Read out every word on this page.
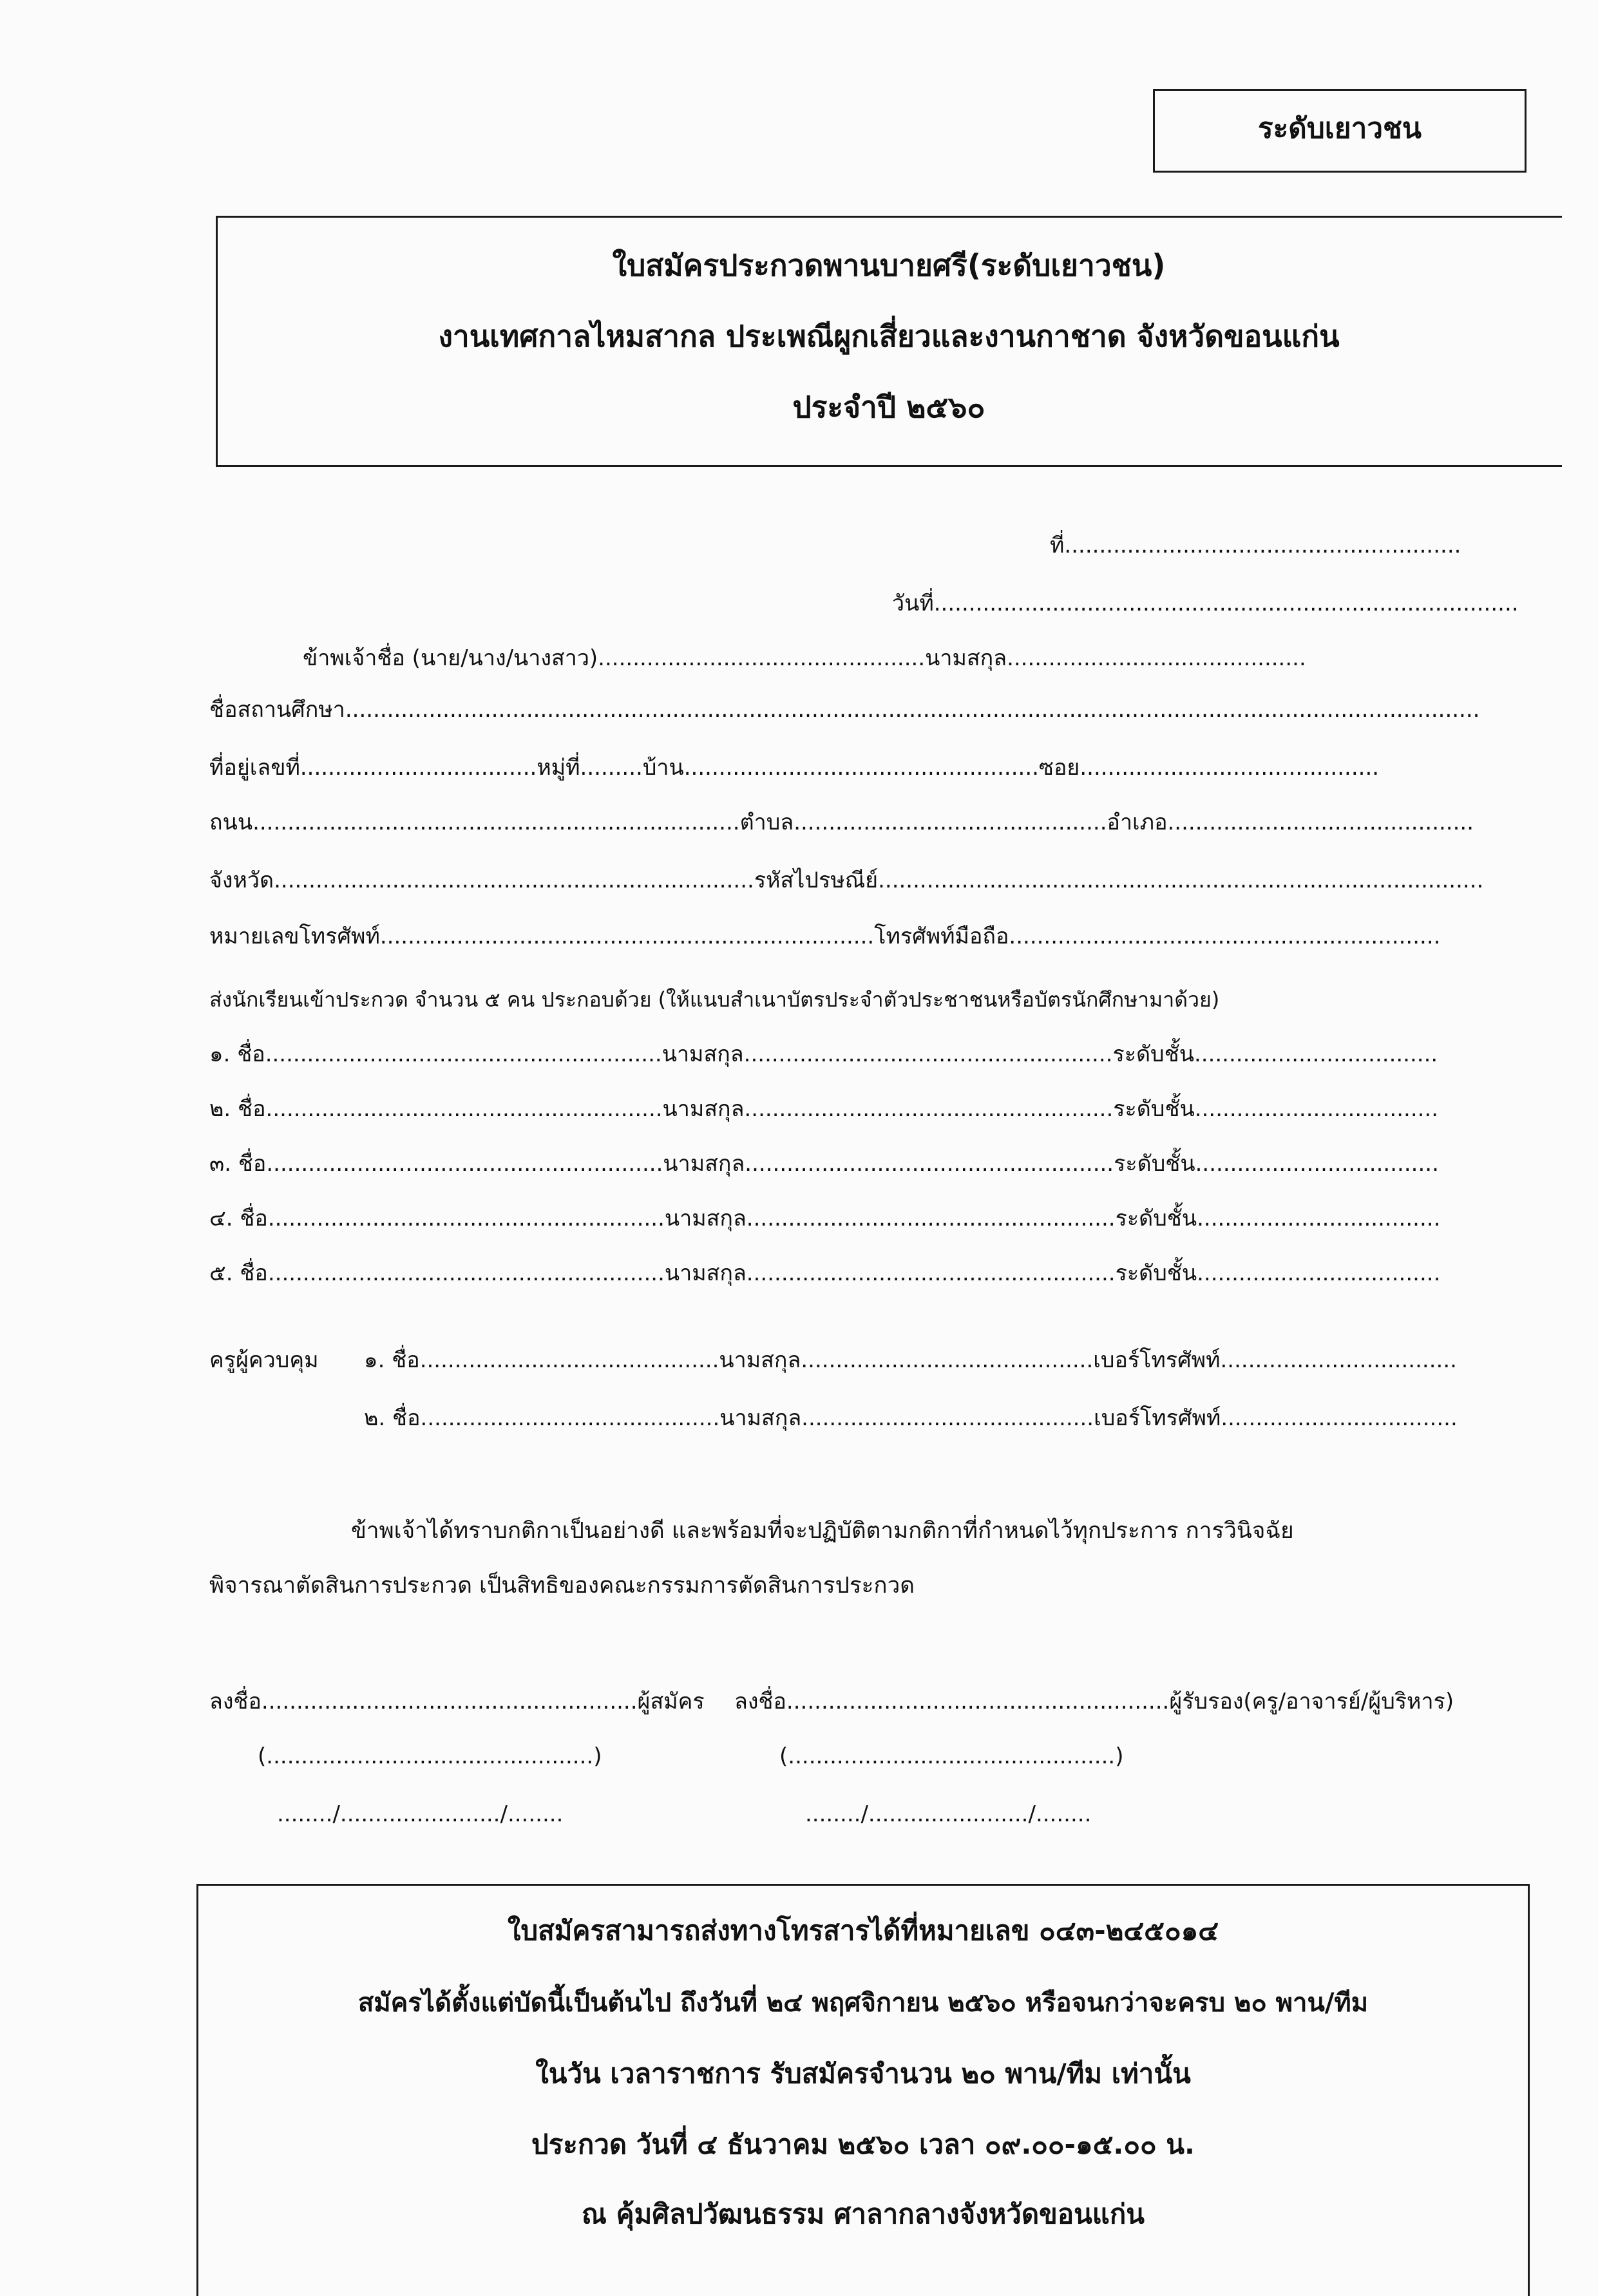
ระดับเยาวชน
ใบสมัครประกวดพานบายศรี(ระดับเยาวชน)
งานเทศกาลไหมสากล ประเพณีผูกเสี่ยวและงานกาชาด จังหวัดขอนแก่น
ประจำปี ๒๕๖๐
ที่.........................................................
วันที่....................................................................................
ข้าพเจ้าชื่อ (นาย/นาง/นางสาว)...............................................นามสกุล...........................................
ชื่อสถานศึกษา...................................................................................................................................................................
ที่อยู่เลขที่..................................หมู่ที่.........บ้าน...................................................ซอย...........................................
ถนน......................................................................ตำบล.............................................อำเภอ............................................
จังหวัด.....................................................................รหัสไปรษณีย์.......................................................................................
หมายเลขโทรศัพท์.......................................................................โทรศัพท์มือถือ..............................................................
ส่งนักเรียนเข้าประกวด จำนวน ๕ คน ประกอบด้วย (ให้แนบสำเนาบัตรประจำตัวประชาชนหรือบัตรนักศึกษามาด้วย)
๑. ชื่อ.........................................................นามสกุล.....................................................ระดับชั้น...................................
๒. ชื่อ.........................................................นามสกุล.....................................................ระดับชั้น...................................
๓. ชื่อ.........................................................นามสกุล.....................................................ระดับชั้น...................................
๔. ชื่อ.........................................................นามสกุล.....................................................ระดับชั้น...................................
๕. ชื่อ.........................................................นามสกุล.....................................................ระดับชั้น...................................
ครูผู้ควบคุม ๑. ชื่อ...........................................นามสกุล..........................................เบอร์โทรศัพท์..................................
๒. ชื่อ...........................................นามสกุล..........................................เบอร์โทรศัพท์..................................
ข้าพเจ้าได้ทราบกติกาเป็นอย่างดี และพร้อมที่จะปฏิบัติตามกติกาที่กำหนดไว้ทุกประการ การวินิจฉัย
พิจารณาตัดสินการประกวด เป็นสิทธิของคณะกรรมการตัดสินการประกวด
ลงชื่อ......................................................ผู้สมัคร ลงชื่อ.......................................................ผู้รับรอง(ครู/อาจารย์/ผู้บริหาร)
(...............................................)	(...............................................)
......../......................./........	......../......................./........
ใบสมัครสามารถส่งทางโทรสารได้ที่หมายเลข ๐๔๓-๒๔๕๐๑๔
สมัครได้ตั้งแต่บัดนี้เป็นต้นไป ถึงวันที่ ๒๔ พฤศจิกายน ๒๕๖๐ หรือจนกว่าจะครบ ๒๐ พาน/ทีม
ในวัน เวลาราชการ รับสมัครจำนวน ๒๐ พาน/ทีม เท่านั้น
ประกวด วันที่ ๔ ธันวาคม ๒๕๖๐ เวลา ๐๙.๐๐-๑๕.๐๐ น.
ณ คุ้มศิลปวัฒนธรรม ศาลากลางจังหวัดขอนแก่น
